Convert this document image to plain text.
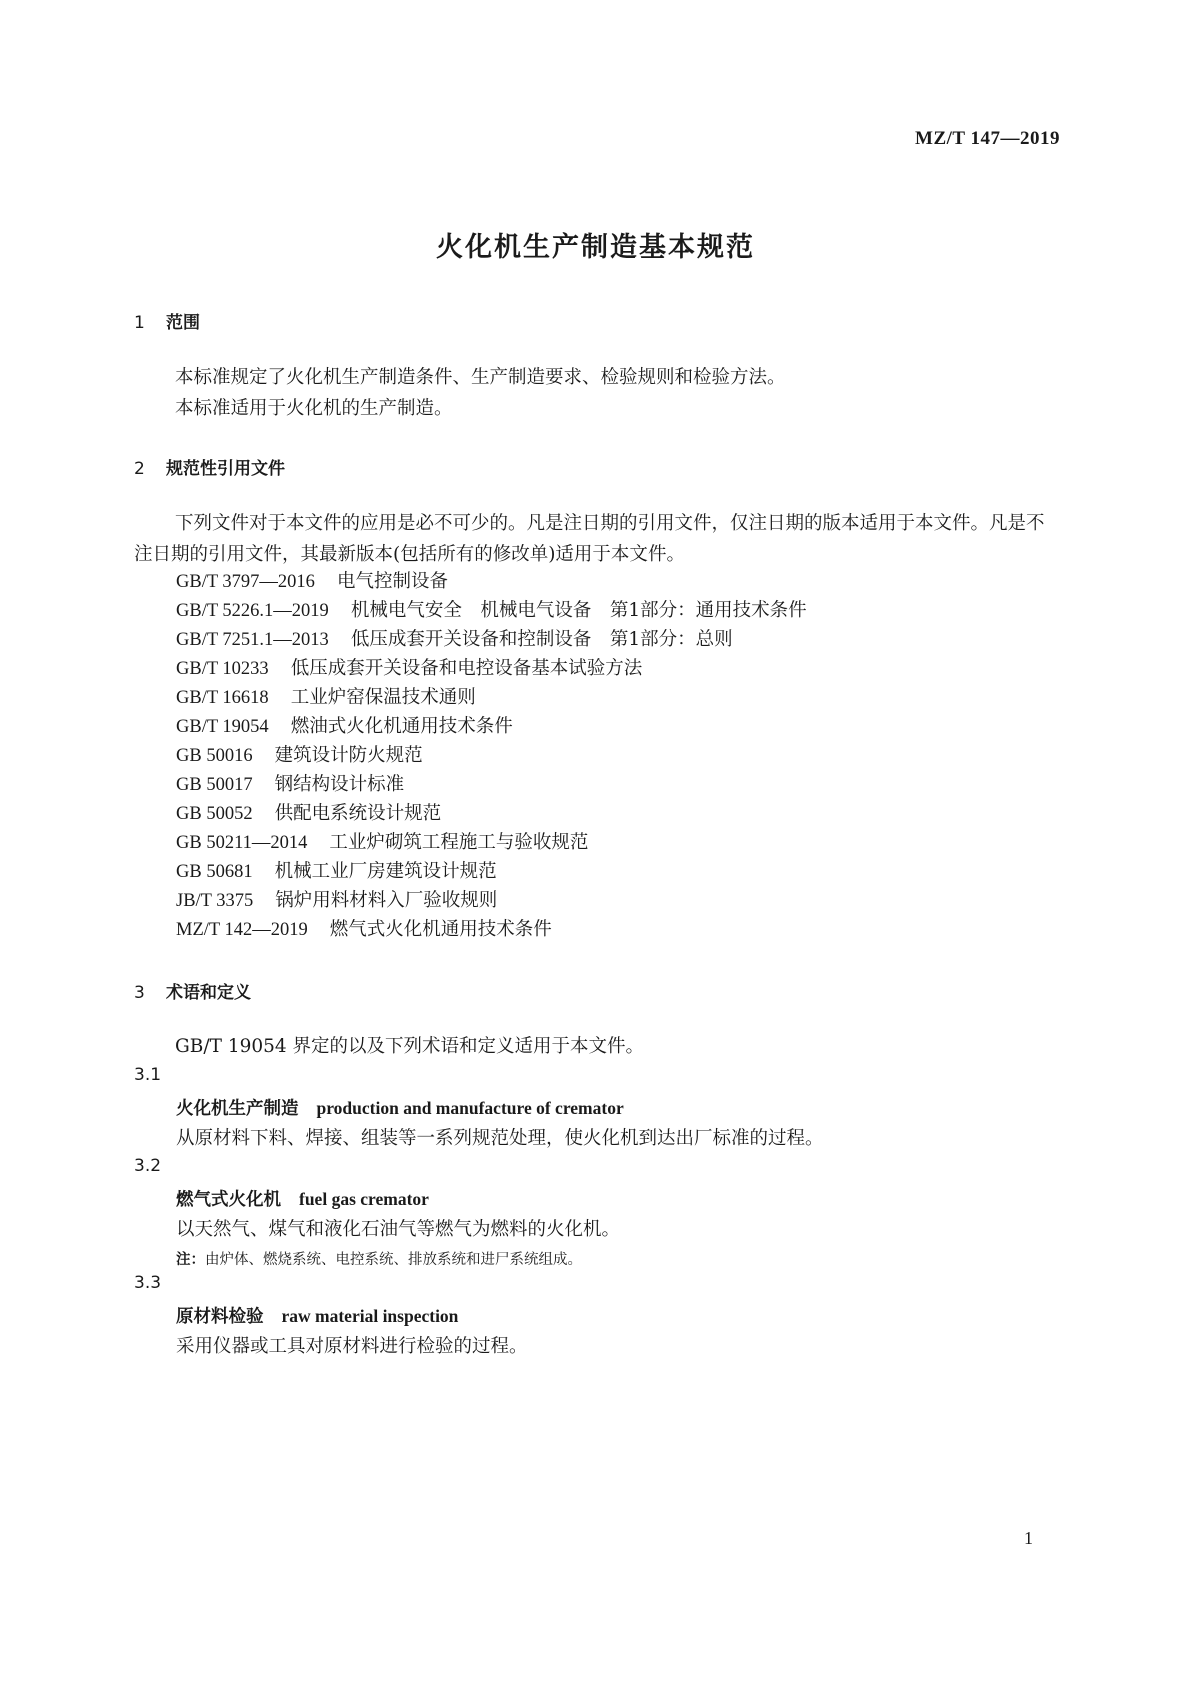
MZ/T 147—2019
火化机生产制造基本规范
1 范围
本标准规定了火化机生产制造条件、生产制造要求、检验规则和检验方法。
本标准适用于火化机的生产制造。
2 规范性引用文件
下列文件对于本文件的应用是必不可少的。凡是注日期的引用文件，仅注日期的版本适用于本文件。凡是不注日期的引用文件，其最新版本(包括所有的修改单)适用于本文件。
GB/T 3797—2016 电气控制设备
GB/T 5226.1—2019 机械电气安全　机械电气设备　第1部分：通用技术条件
GB/T 7251.1—2013 低压成套开关设备和控制设备　第1部分：总则
GB/T 10233 低压成套开关设备和电控设备基本试验方法
GB/T 16618 工业炉窑保温技术通则
GB/T 19054 燃油式火化机通用技术条件
GB 50016 建筑设计防火规范
GB 50017 钢结构设计标准
GB 50052 供配电系统设计规范
GB 50211—2014 工业炉砌筑工程施工与验收规范
GB 50681 机械工业厂房建筑设计规范
JB/T 3375 锅炉用料材料入厂验收规则
MZ/T 142—2019 燃气式火化机通用技术条件
3 术语和定义
GB/T 19054 界定的以及下列术语和定义适用于本文件。
3.1
火化机生产制造 production and manufacture of cremator
从原材料下料、焊接、组装等一系列规范处理，使火化机到达出厂标准的过程。
3.2
燃气式火化机 fuel gas cremator
以天然气、煤气和液化石油气等燃气为燃料的火化机。
注：由炉体、燃烧系统、电控系统、排放系统和进尸系统组成。
3.3
原材料检验 raw material inspection
采用仪器或工具对原材料进行检验的过程。
1
